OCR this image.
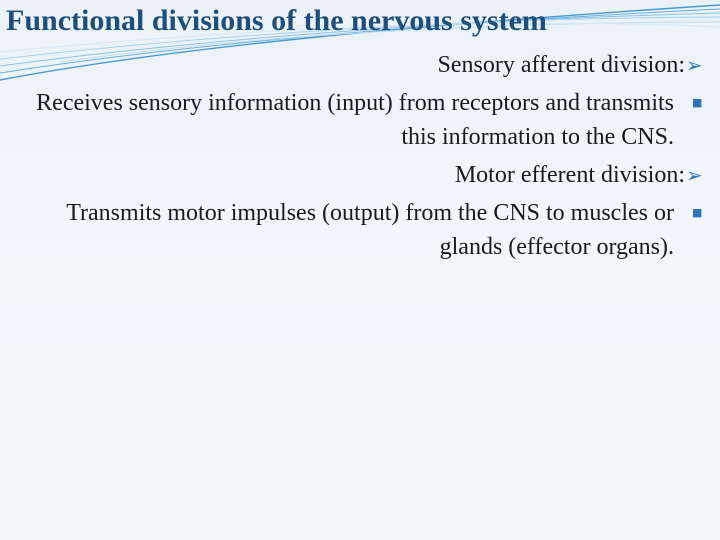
Functional divisions of the nervous system
Sensory afferent division: ➢
Receives sensory information (input) from receptors and transmits this information to the CNS.
■
Motor efferent division: ➢
Transmits motor impulses (output) from the CNS to muscles or glands (effector organs).
■
